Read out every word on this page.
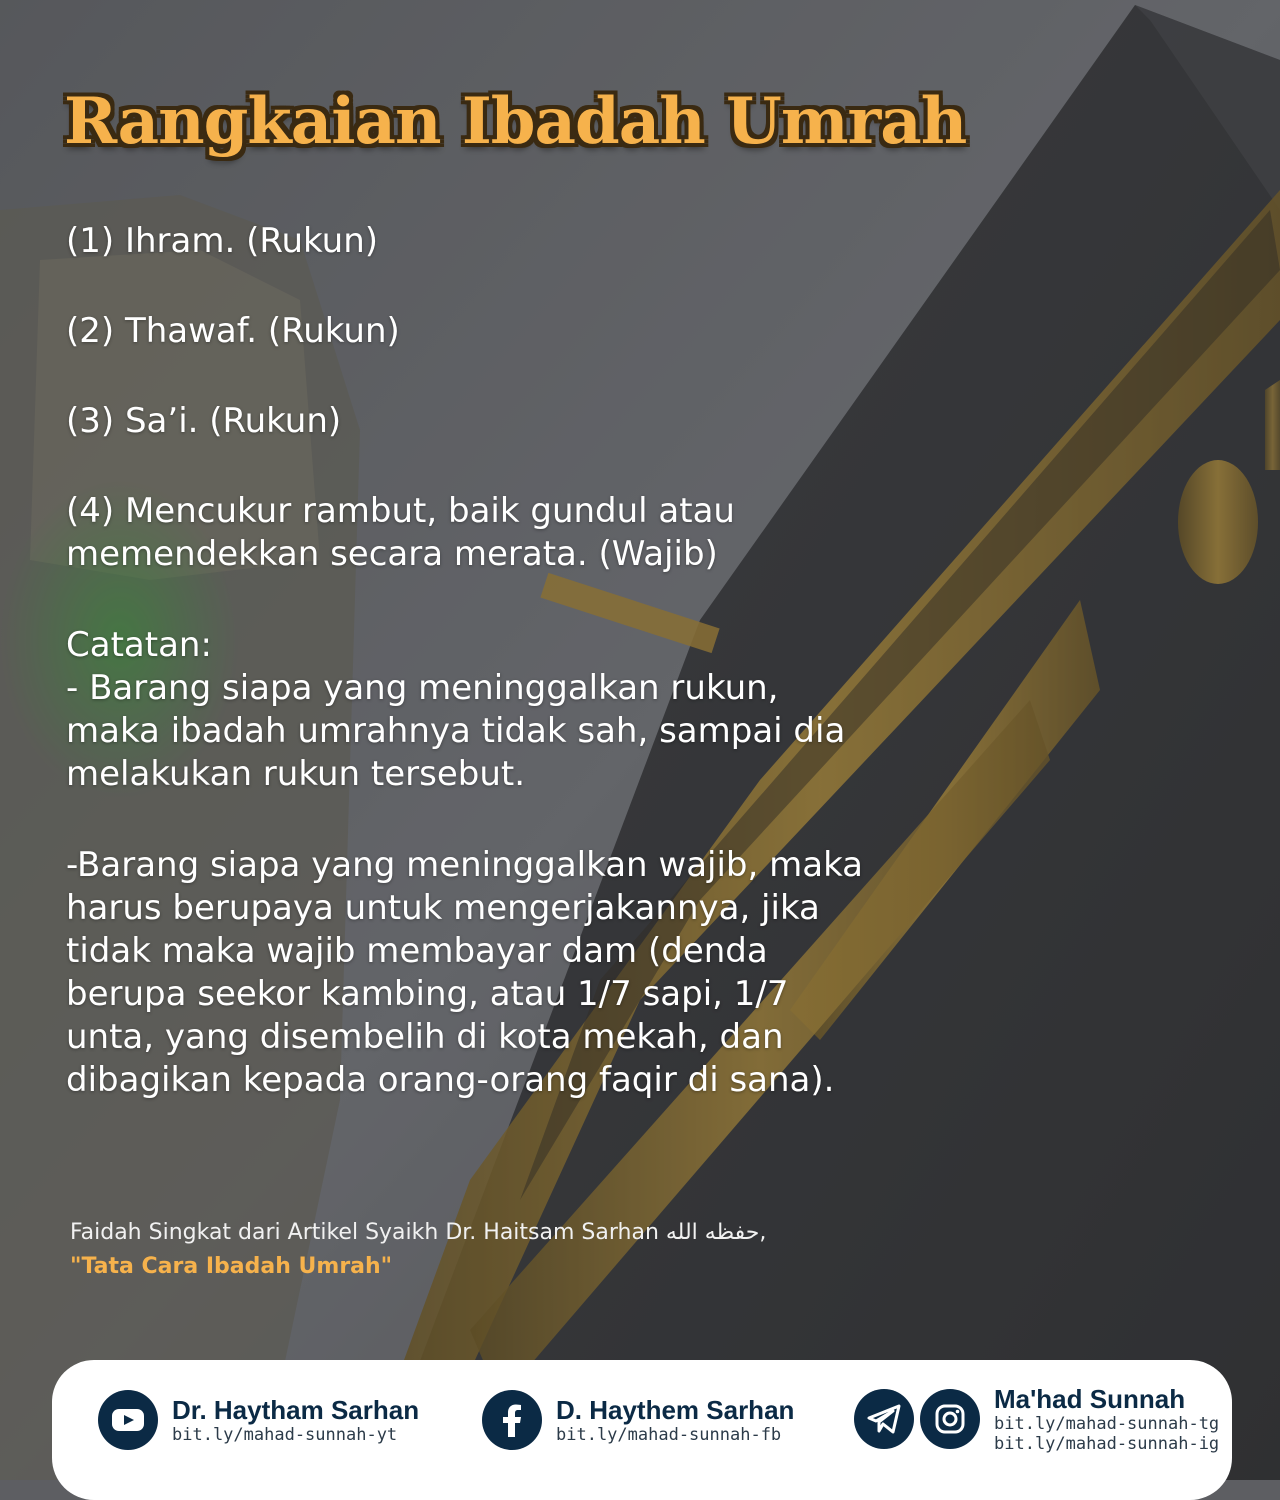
Rangkaian Ibadah Umrah

(1) Ihram. (Rukun)

(2) Thawaf. (Rukun)

(3) Sa’i. (Rukun)

(4) Mencukur rambut, baik gundul atau memendekkan secara merata. (Wajib)

Catatan:

- Barang siapa yang meninggalkan rukun, maka ibadah umrahnya tidak sah, sampai dia melakukan rukun tersebut.

-Barang siapa yang meninggalkan wajib, maka harus berupaya untuk mengerjakannya, jika tidak maka wajib membayar dam (denda berupa seekor kambing, atau 1/7 sapi, 1/7 unta, yang disembelih di kota mekah, dan dibagikan kepada orang-orang faqir di sana).

Faidah Singkat dari Artikel Syaikh Dr. Haitsam Sarhan حفظه الله,
"Tata Cara Ibadah Umrah"
Dr. Haytham Sarhan
bit.ly/mahad-sunnah-yt
D. Haythem Sarhan
bit.ly/mahad-sunnah-fb
Ma'had Sunnah
bit.ly/mahad-sunnah-tg
bit.ly/mahad-sunnah-ig
